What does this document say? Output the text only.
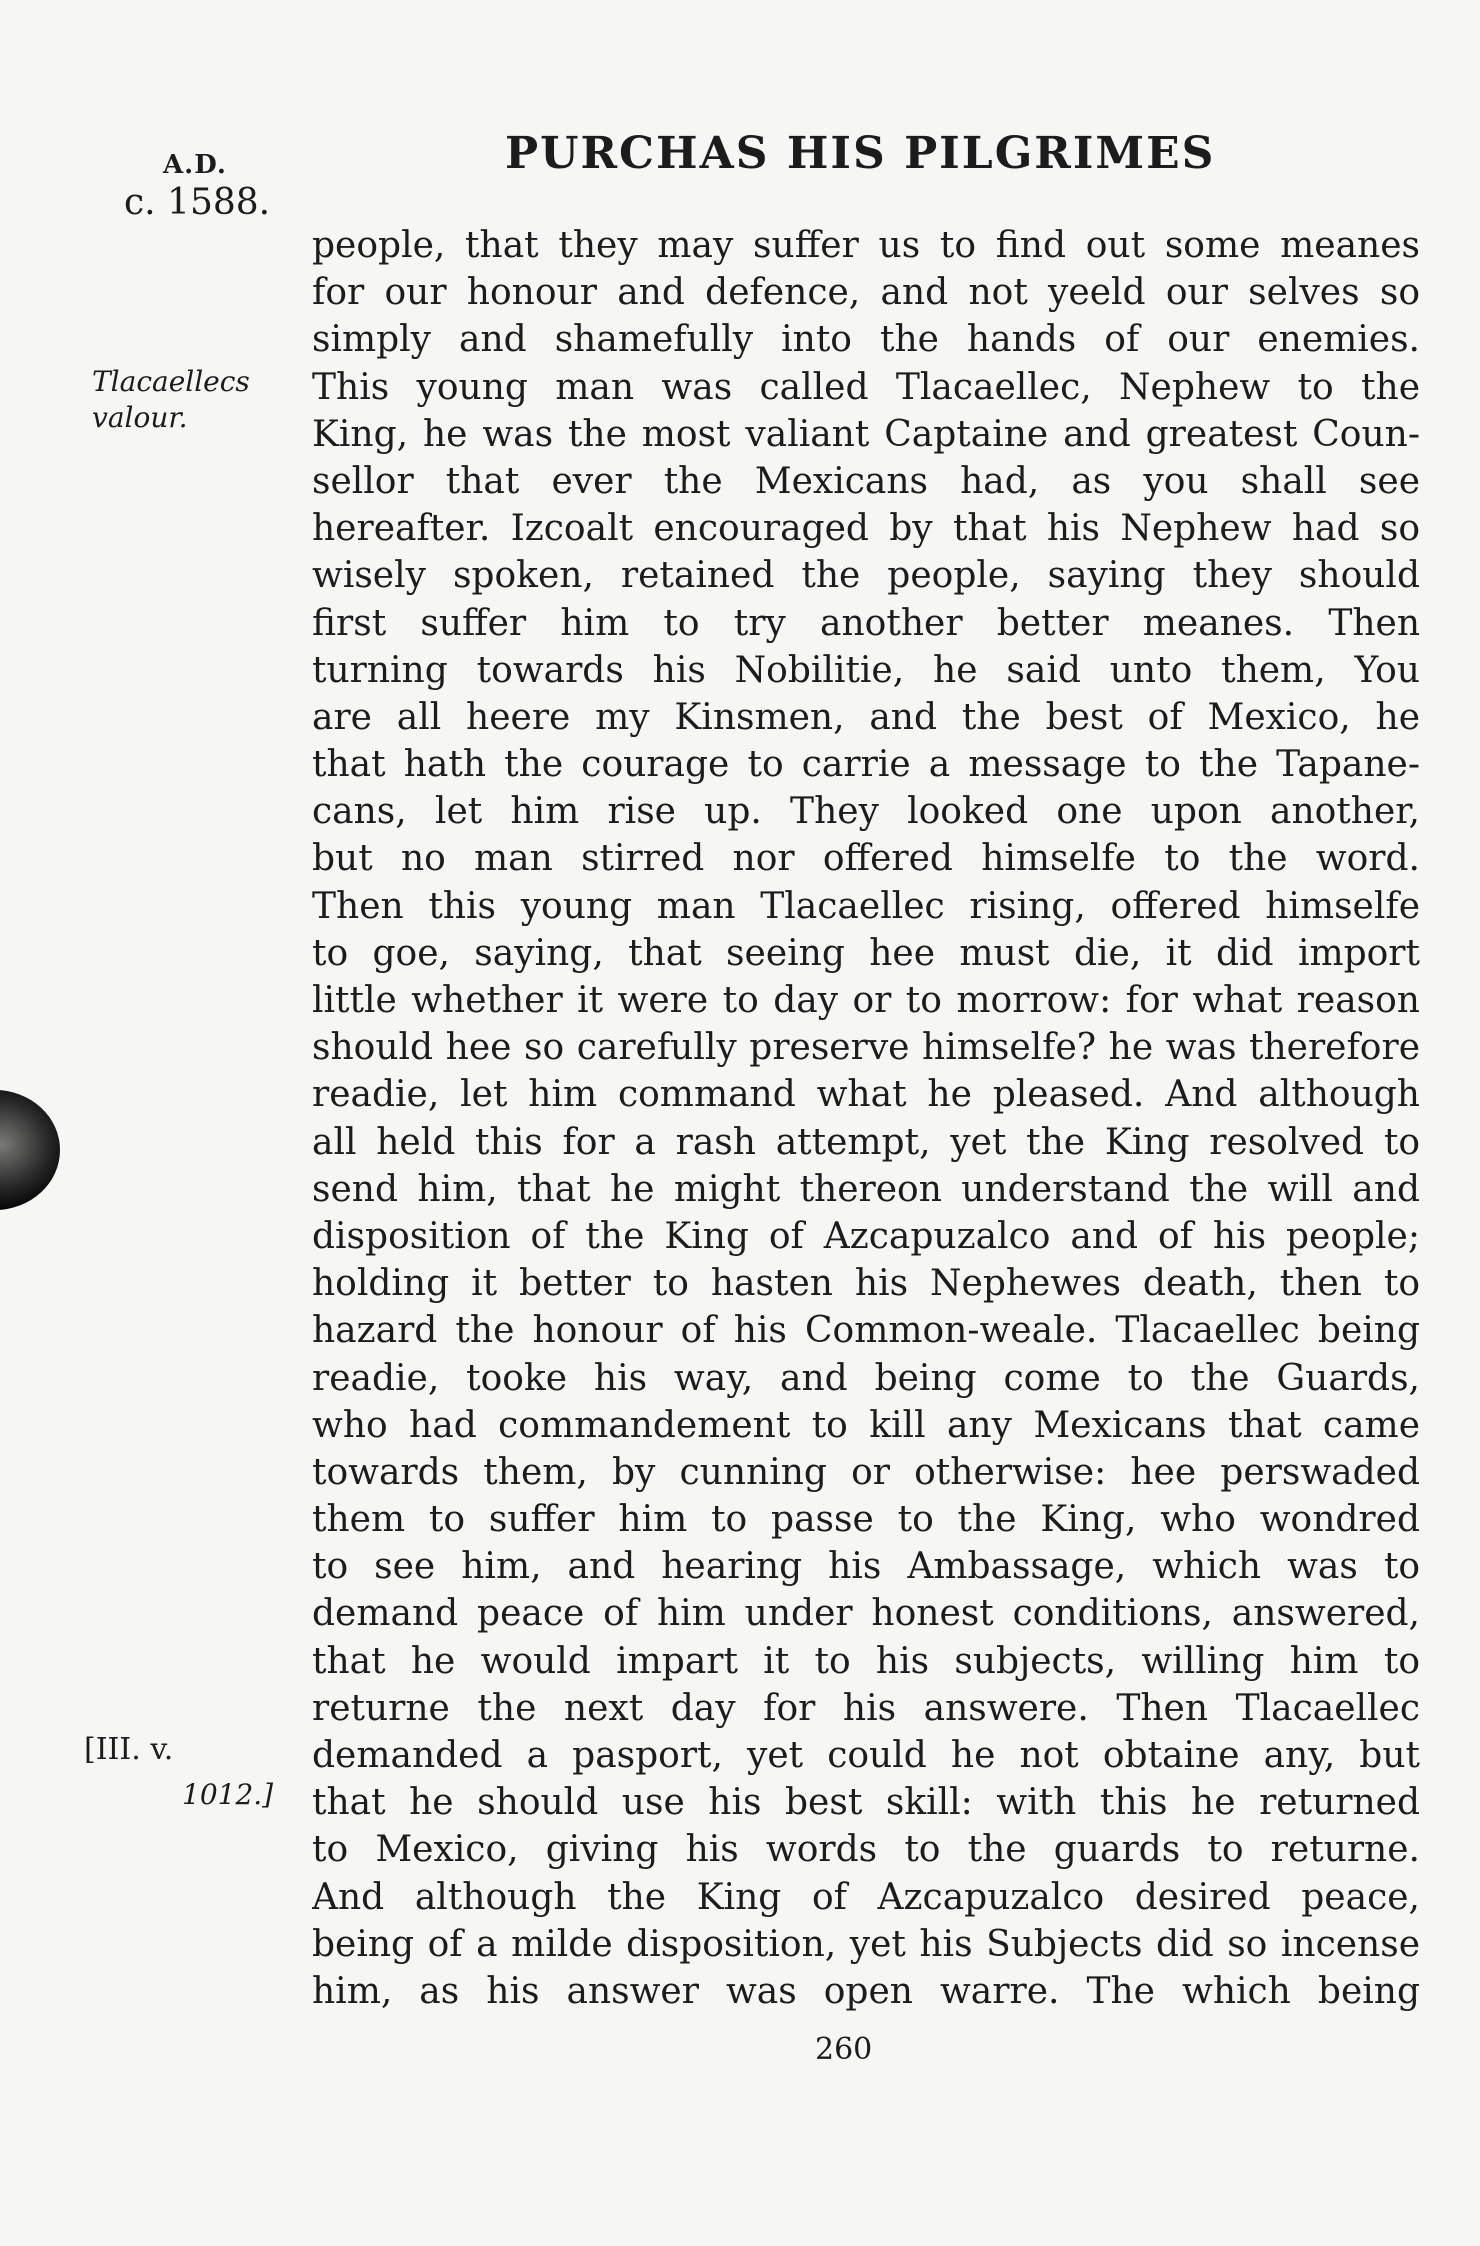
A.D.
c. 1588.
PURCHAS HIS PILGRIMES
Tlacaellecs
valour.
[III. v.
1012.]
people, that they may suffer us to find out some meanes
for our honour and defence, and not yeeld our selves so
simply and shamefully into the hands of our enemies.
This young man was called Tlacaellec, Nephew to the
King, he was the most valiant Captaine and greatest Coun-
sellor that ever the Mexicans had, as you shall see
hereafter. Izcoalt encouraged by that his Nephew had so
wisely spoken, retained the people, saying they should
first suffer him to try another better meanes. Then
turning towards his Nobilitie, he said unto them, You
are all heere my Kinsmen, and the best of Mexico, he
that hath the courage to carrie a message to the Tapane-
cans, let him rise up. They looked one upon another,
but no man stirred nor offered himselfe to the word.
Then this young man Tlacaellec rising, offered himselfe
to goe, saying, that seeing hee must die, it did import
little whether it were to day or to morrow: for what reason
should hee so carefully preserve himselfe? he was therefore
readie, let him command what he pleased. And although
all held this for a rash attempt, yet the King resolved to
send him, that he might thereon understand the will and
disposition of the King of Azcapuzalco and of his people;
holding it better to hasten his Nephewes death, then to
hazard the honour of his Common-weale. Tlacaellec being
readie, tooke his way, and being come to the Guards,
who had commandement to kill any Mexicans that came
towards them, by cunning or otherwise: hee perswaded
them to suffer him to passe to the King, who wondred
to see him, and hearing his Ambassage, which was to
demand peace of him under honest conditions, answered,
that he would impart it to his subjects, willing him to
returne the next day for his answere. Then Tlacaellec
demanded a pasport, yet could he not obtaine any, but
that he should use his best skill: with this he returned
to Mexico, giving his words to the guards to returne.
And although the King of Azcapuzalco desired peace,
being of a milde disposition, yet his Subjects did so incense
him, as his answer was open warre. The which being
260
